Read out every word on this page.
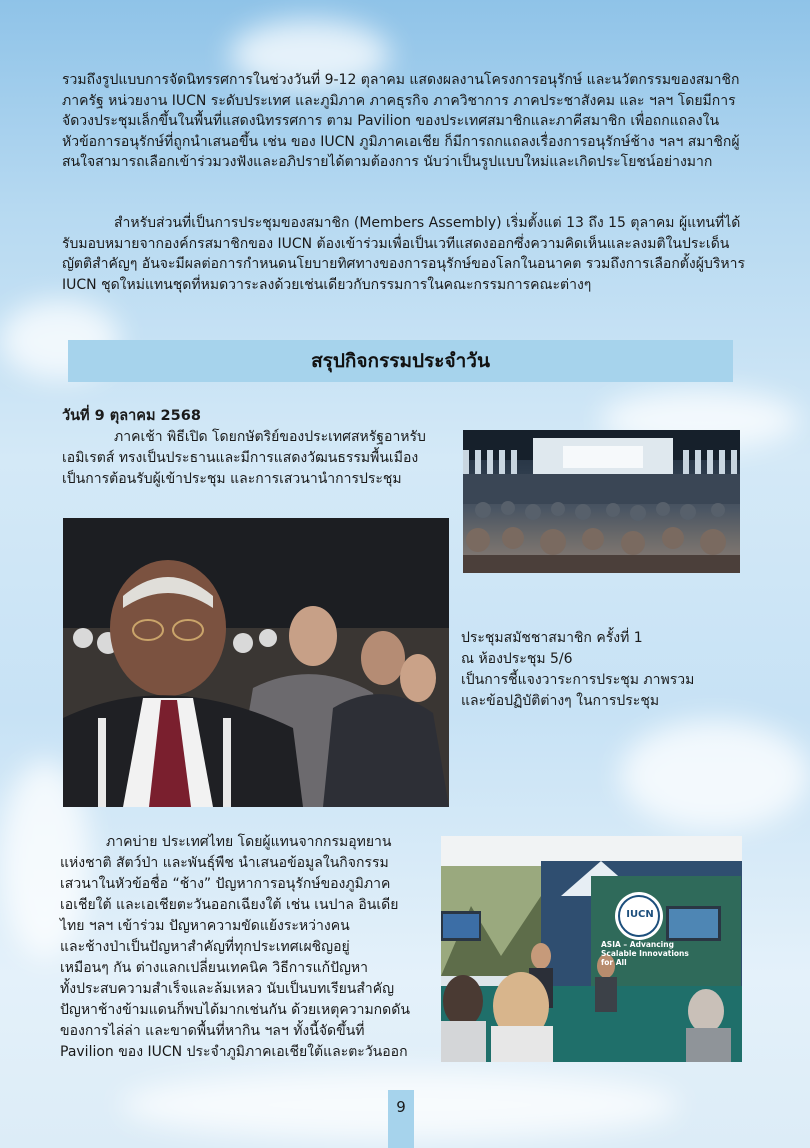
รวมถึงรูปแบบการจัดนิทรรศการในช่วงวันที่ 9-12 ตุลาคม แสดงผลงานโครงการอนุรักษ์ และนวัตกรรมของสมาชิกภาครัฐ หน่วยงาน IUCN ระดับประเทศ และภูมิภาค ภาคธุรกิจ ภาควิชาการ ภาคประชาสังคม และ ฯลฯ โดยมีการจัดวงประชุมเล็กขึ้นในพื้นที่แสดงนิทรรศการ ตาม Pavilion ของประเทศสมาชิกและภาคีสมาชิก เพื่อถกแถลงในหัวข้อการอนุรักษ์ที่ถูกนำเสนอขึ้น เช่น ของ IUCN ภูมิภาคเอเชีย ก็มีการถกแถลงเรื่องการอนุรักษ์ช้าง ฯลฯ สมาชิกผู้สนใจสามารถเลือกเข้าร่วมวงฟังและอภิปรายได้ตามต้องการ นับว่าเป็นรูปแบบใหม่และเกิดประโยชน์อย่างมาก

สำหรับส่วนที่เป็นการประชุมของสมาชิก (Members Assembly) เริ่มตั้งแต่ 13 ถึง 15 ตุลาคม ผู้แทนที่ได้รับมอบหมายจากองค์กรสมาชิกของ IUCN ต้องเข้าร่วมเพื่อเป็นเวทีแสดงออกซึ่งความคิดเห็นและลงมติในประเด็นญัตติสำคัญๆ อันจะมีผลต่อการกำหนดนโยบายทิศทางของการอนุรักษ์ของโลกในอนาคต รวมถึงการเลือกตั้งผู้บริหาร IUCN ชุดใหม่แทนชุดที่หมดวาระลงด้วยเช่นเดียวกับกรรมการในคณะกรรมการคณะต่างๆ

สรุปกิจกรรมประจำวัน
วันที่ 9 ตุลาคม 2568
ภาคเช้า พิธีเปิด โดยกษัตริย์ของประเทศสหรัฐอาหรับ
เอมิเรตส์ ทรงเป็นประธานและมีการแสดงวัฒนธรรมพื้นเมือง
เป็นการต้อนรับผู้เข้าประชุม และการเสวนานำการประชุม
ประชุมสมัชชาสมาชิก ครั้งที่ 1
ณ ห้องประชุม 5/6
เป็นการชี้แจงวาระการประชุม ภาพรวม
และข้อปฏิบัติต่างๆ ในการประชุม
ภาคบ่าย ประเทศไทย โดยผู้แทนจากกรมอุทยาน
แห่งชาติ สัตว์ป่า และพันธุ์พืช นำเสนอข้อมูลในกิจกรรม
เสวนาในหัวข้อชื่อ “ช้าง” ปัญหาการอนุรักษ์ของภูมิภาค
เอเชียใต้ และเอเชียตะวันออกเฉียงใต้ เช่น เนปาล อินเดีย
ไทย ฯลฯ เข้าร่วม ปัญหาความขัดแย้งระหว่างคน
และช้างป่าเป็นปัญหาสำคัญที่ทุกประเทศเผชิญอยู่
เหมือนๆ กัน ต่างแลกเปลี่ยนเทคนิค วิธีการแก้ปัญหา
ทั้งประสบความสำเร็จและล้มเหลว นับเป็นบทเรียนสำคัญ
ปัญหาช้างข้ามแดนก็พบได้มากเช่นกัน ด้วยเหตุความกดดัน
ของการไล่ล่า และขาดพื้นที่หากิน ฯลฯ ทั้งนี้จัดขึ้นที่
Pavilion ของ IUCN ประจำภูมิภาคเอเชียใต้และตะวันออก
IUCN
ASIA – Advancing
Scalable Innovations
for All
9
